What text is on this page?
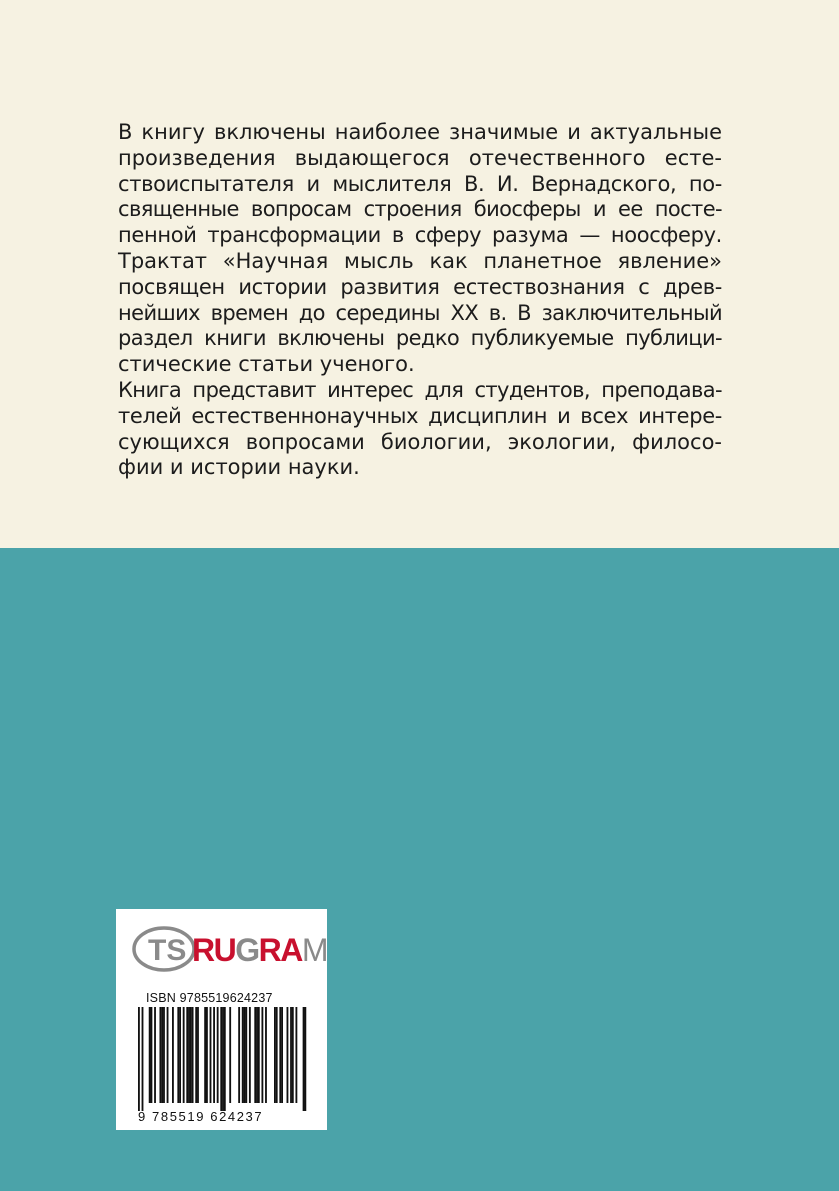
В книгу включены наиболее значимые и актуальные
произведения выдающегося отечественного есте-
ствоиспытателя и мыслителя В. И. Вернадского, по-
священные вопросам строения биосферы и ее посте-
пенной трансформации в сферу разума — ноосферу.
Трактат «Научная мысль как планетное явление»
посвящен истории развития естествознания с древ-
нейших времен до середины XX в. В заключительный
раздел книги включены редко публикуемые публици-
стические статьи ученого.
Книга представит интерес для студентов, преподава-
телей естественнонаучных дисциплин и всех интере-
сующихся вопросами биологии, экологии, филосо-
фии и истории науки.
TS RUGRAM
ISBN 9785519624237
9 785519 624237
